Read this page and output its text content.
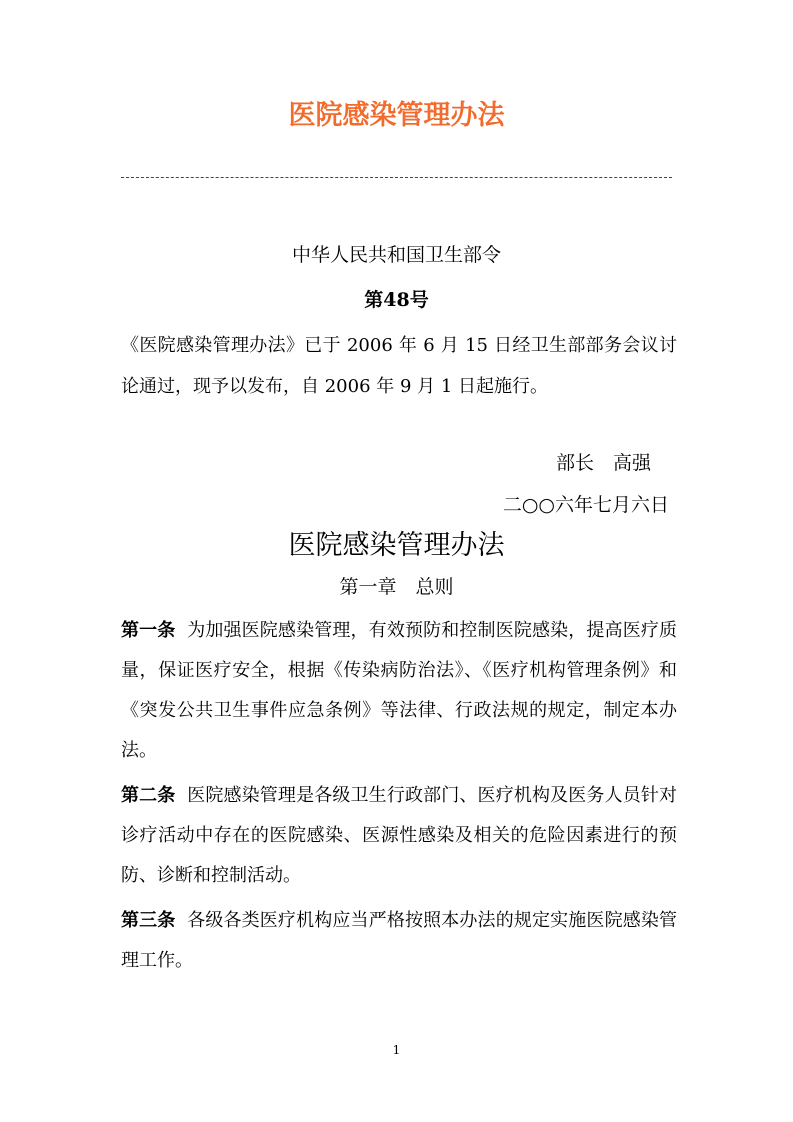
医院感染管理办法
中华人民共和国卫生部令
第48号
《医院感染管理办法》已于 2006 年 6 月 15 日经卫生部部务会议讨论通过，现予以发布，自 2006 年 9 月 1 日起施行。
部长　高强
二○○六年七月六日
医院感染管理办法
第一章　总则

第一条 为加强医院感染管理，有效预防和控制医院感染，提高医疗质量，保证医疗安全，根据《传染病防治法》、《医疗机构管理条例》和《突发公共卫生事件应急条例》等法律、行政法规的规定，制定本办法。

第二条 医院感染管理是各级卫生行政部门、医疗机构及医务人员针对诊疗活动中存在的医院感染、医源性感染及相关的危险因素进行的预防、诊断和控制活动。

第三条 各级各类医疗机构应当严格按照本办法的规定实施医院感染管理工作。

1
